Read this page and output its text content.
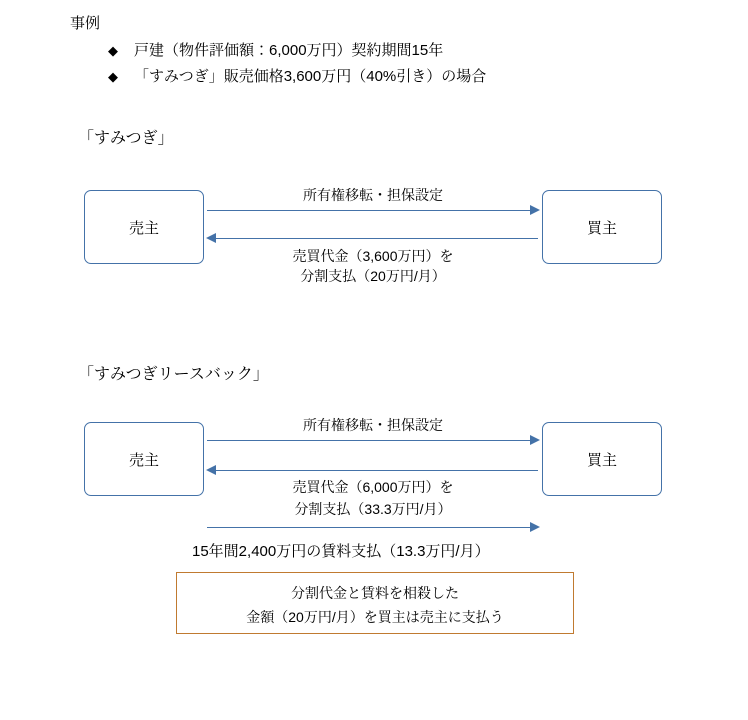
事例
◆	戸建（物件評価額：6,000万円）契約期間15年
◆	「すみつぎ」販売価格3,600万円（40%引き）の場合
「すみつぎ」
売主	買主
所有権移転・担保設定
売買代金（3,600万円）を
分割支払（20万円/月）
「すみつぎリースバック」
売主	買主
所有権移転・担保設定
売買代金（6,000万円）を
分割支払（33.3万円/月）
15年間2,400万円の賃料支払（13.3万円/月）
分割代金と賃料を相殺した
金額（20万円/月）を買主は売主に支払う
